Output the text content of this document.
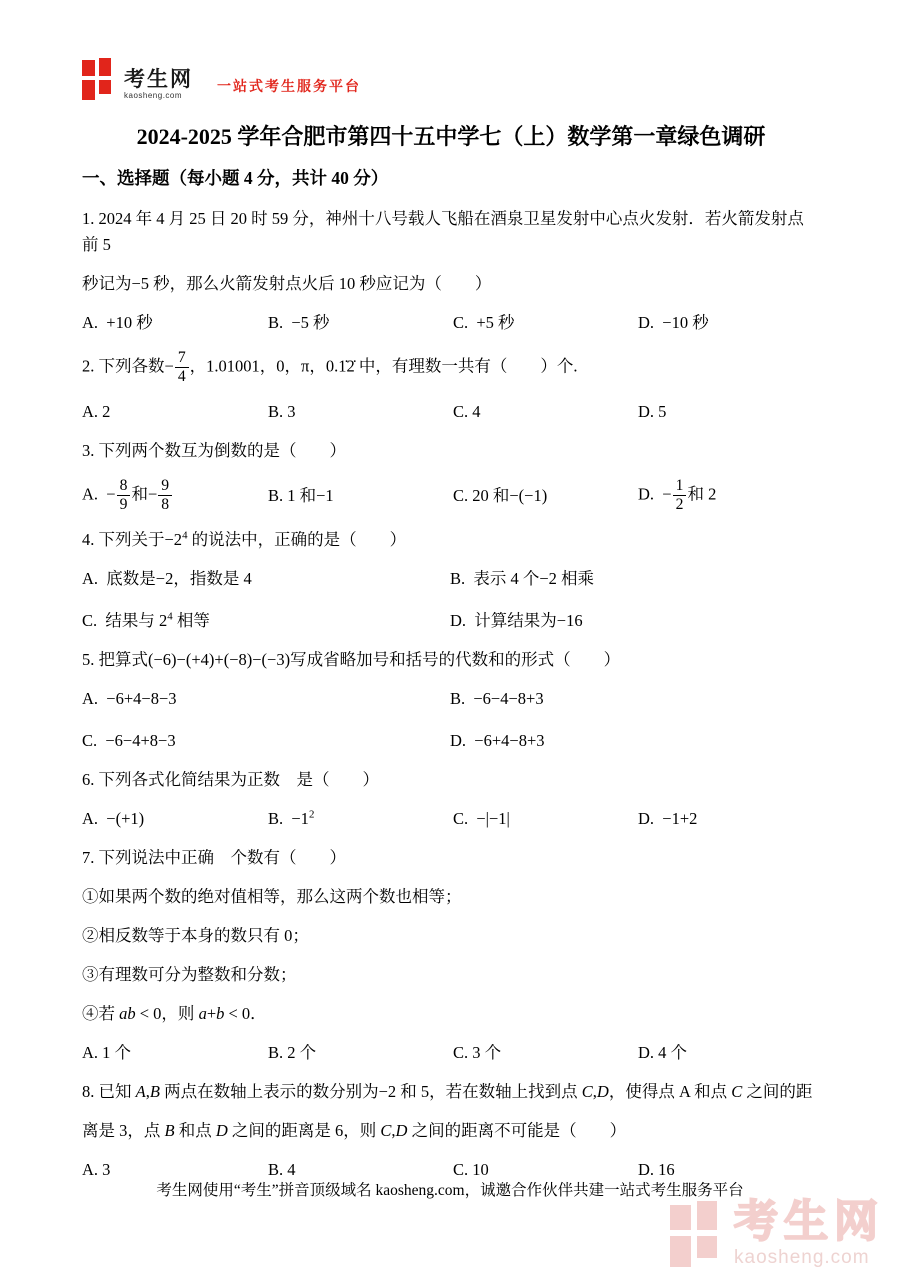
考生网
kaosheng.com
一站式考生服务平台
2024-2025 学年合肥市第四十五中学七（上）数学第一章绿色调研
一、选择题（每小题 4 分，共计 40 分）
1. 2024 年 4 月 25 日 20 时 59 分，神州十八号载人飞船在酒泉卫星发射中心点火发射．若火箭发射点前 5
秒记为−5 秒，那么火箭发射点火后 10 秒应记为（　　）
A.  +10 秒	B.  −5 秒	C.  +5 秒	D.  −10 秒
2. 下列各数− $\frac{7}{4}$ ，1.01001，0，π，0.1̇2̇ 中，有理数一共有（　　）个.
A. 2	B. 3	C. 4	D. 5
3. 下列两个数互为倒数的是（　　）
A.  − $\frac{8}{9}$ 和− $\frac{9}{8}$	B. 1 和−1	C. 20 和−(−1)	D.  − $\frac{1}{2}$ 和 2
4. 下列关于$-2^4$ 的说法中，正确的是（　　）
A.  底数是−2，指数是 4	B.  表示 4 个−2 相乘
C.  结果与 $2^4$ 相等	D.  计算结果为−16
5. 把算式(−6)−(+4)+(−8)−(−3)写成省略加号和括号的代数和的形式（　　）
A.  −6+4−8−3	B.  −6−4−8+3
C.  −6−4+8−3	D.  −6+4−8+3
6. 下列各式化简结果为正数　是（　　）
A.  −(+1)	B.  $-1^2$	C.  −|−1|	D.  −1+2
7. 下列说法中正确　个数有（　　）
①如果两个数的绝对值相等，那么这两个数也相等；
②相反数等于本身的数只有 0；
③有理数可分为整数和分数；
④若 ab < 0，则 a+b < 0．
A. 1 个	B. 2 个	C. 3 个	D. 4 个
8. 已知 A,B 两点在数轴上表示的数分别为−2 和 5，若在数轴上找到点 C,D，使得点 A 和点 C 之间的距
离是 3，点 B 和点 D 之间的距离是 6，则 C,D 之间的距离不可能是（　　）
A. 3	B. 4	C. 10	D. 16
考生网使用“考生”拼音顶级域名 kaosheng.com，诚邀合作伙伴共建一站式考生服务平台
考生网
kaosheng.com
